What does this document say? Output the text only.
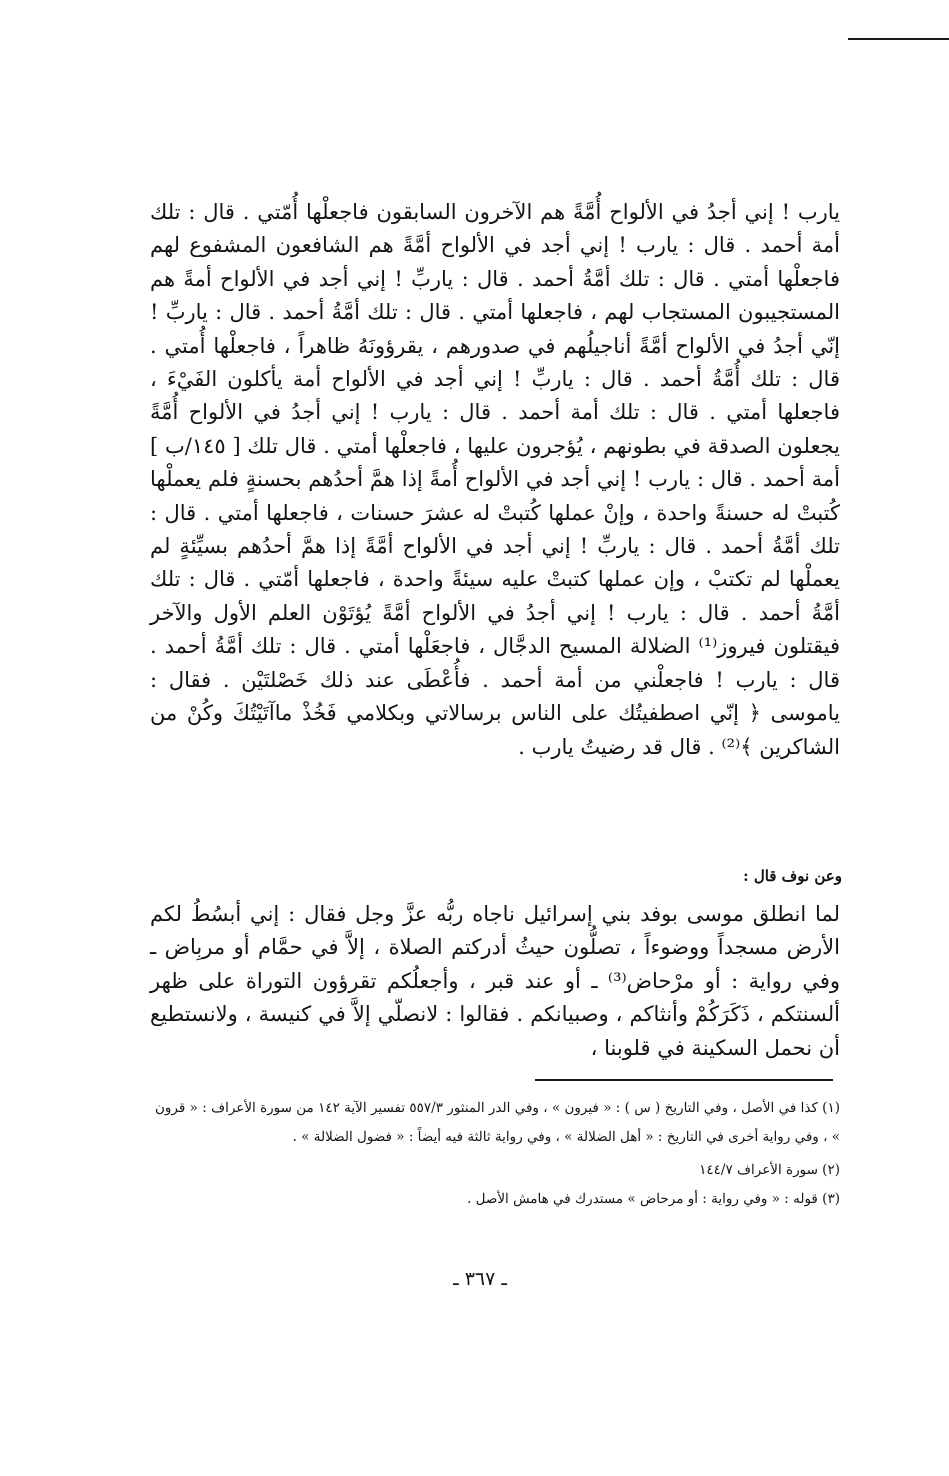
يارب ! إني أجدُ في الألواح أُمَّةً هم الآخرون السابقون فاجعلْها أُمّتي . قال : تلك أمة أحمد . قال : يارب ! إني أجد في الألواح أمَّةً هم الشافعون المشفوع لهم فاجعلْها أمتي . قال : تلك أمَّةُ أحمد . قال : ياربِّ ! إني أجد في الألواح أمةً هم المستجيبون المستجاب لهم ، فاجعلها أمتي . قال : تلك أمَّةُ أحمد . قال : ياربِّ ! إنّي أجدُ في الألواح أمَّةً أناجيلُهم في صدورهم ، يقرؤونَهُ ظاهراً ، فاجعلْها أُمتي . قال : تلك أُمَّةُ أحمد . قال : ياربِّ ! إني أجد في الألواح أمة يأكلون الفَيْءَ ، فاجعلها أمتي . قال : تلك أمة أحمد . قال : يارب ! إني أجدُ في الألواح أُمَّةً يجعلون الصدقة في بطونهم ، يُؤجرون عليها ، فاجعلْها أمتي . قال تلك [ ١٤٥/ب ] أمة أحمد . قال : يارب ! إني أجد في الألواح أُمةً إذا همَّ أحدُهم بحسنةٍ فلم يعملْها كُتبتْ له حسنةً واحدة ، وإنْ عملها كُتبتْ له عشرَ حسنات ، فاجعلها أمتي . قال : تلك أمَّةُ أحمد . قال : ياربِّ ! إني أجد في الألواح أمَّةً إذا همَّ أحدُهم بسيِّئةٍ لم يعملْها لم تكتبْ ، وإن عملها كتبتْ عليه سيئةً واحدة ، فاجعلها أمّتي . قال : تلك أمَّةُ أحمد . قال : يارب ! إني أجدُ في الألواح أمَّةً يُؤتَوْن العلم الأول والآخر فيقتلون فيروز⁽¹⁾ الضلالة المسيح الدجَّال ، فاجعَلْها أمتي . قال : تلك أمَّةُ أحمد . قال : يارب ! فاجعلْني من أمة أحمد . فأُعْطَى عند ذلك خَصْلتَيْن . فقال : ياموسى ﴿ إنّي اصطفيتُك على الناس برسالاتي وبكلامي فَخُذْ ماآتَيْتُكَ وكُنْ من الشاكرين ﴾⁽²⁾ . قال قد رضيتُ يارب .

وعن نوف قال :

لما انطلق موسى بوفد بني إسرائيل ناجاه ربُّه عزَّ وجل فقال : إني أبسُطُ لكم الأرض مسجداً ووضوءاً ، تصلُّون حيثُ أدركتم الصلاة ، إلاَّ في حمَّام أو مربِاض ـ وفي رواية : أو مرْحاض⁽³⁾ ـ أو عند قبر ، وأجعلُكم تقرؤون التوراة على ظهر ألسنتكم ، ذَكَرَكُمْ وأنثاكم ، وصبيانكم . فقالوا : لانصلّي إلاَّ في كنيسة ، ولانستطيع أن نحمل السكينة في قلوبنا ،

(١) كذا في الأصل ، وفي التاريخ ( س ) : « فيرون » ، وفي الدر المنثور ٥٥٧/٣ تفسير الآية ١٤٢ من سورة الأعراف : « قرون » ، وفي رواية أخرى في التاريخ : « أهل الضلالة » ، وفي رواية ثالثة فيه أيضاً : « فضول الضلالة » .

(٢) سورة الأعراف ١٤٤/٧

(٣) قوله : « وفي رواية : أو مرحاض » مستدرك في هامش الأصل .

ـ ٣٦٧ ـ
